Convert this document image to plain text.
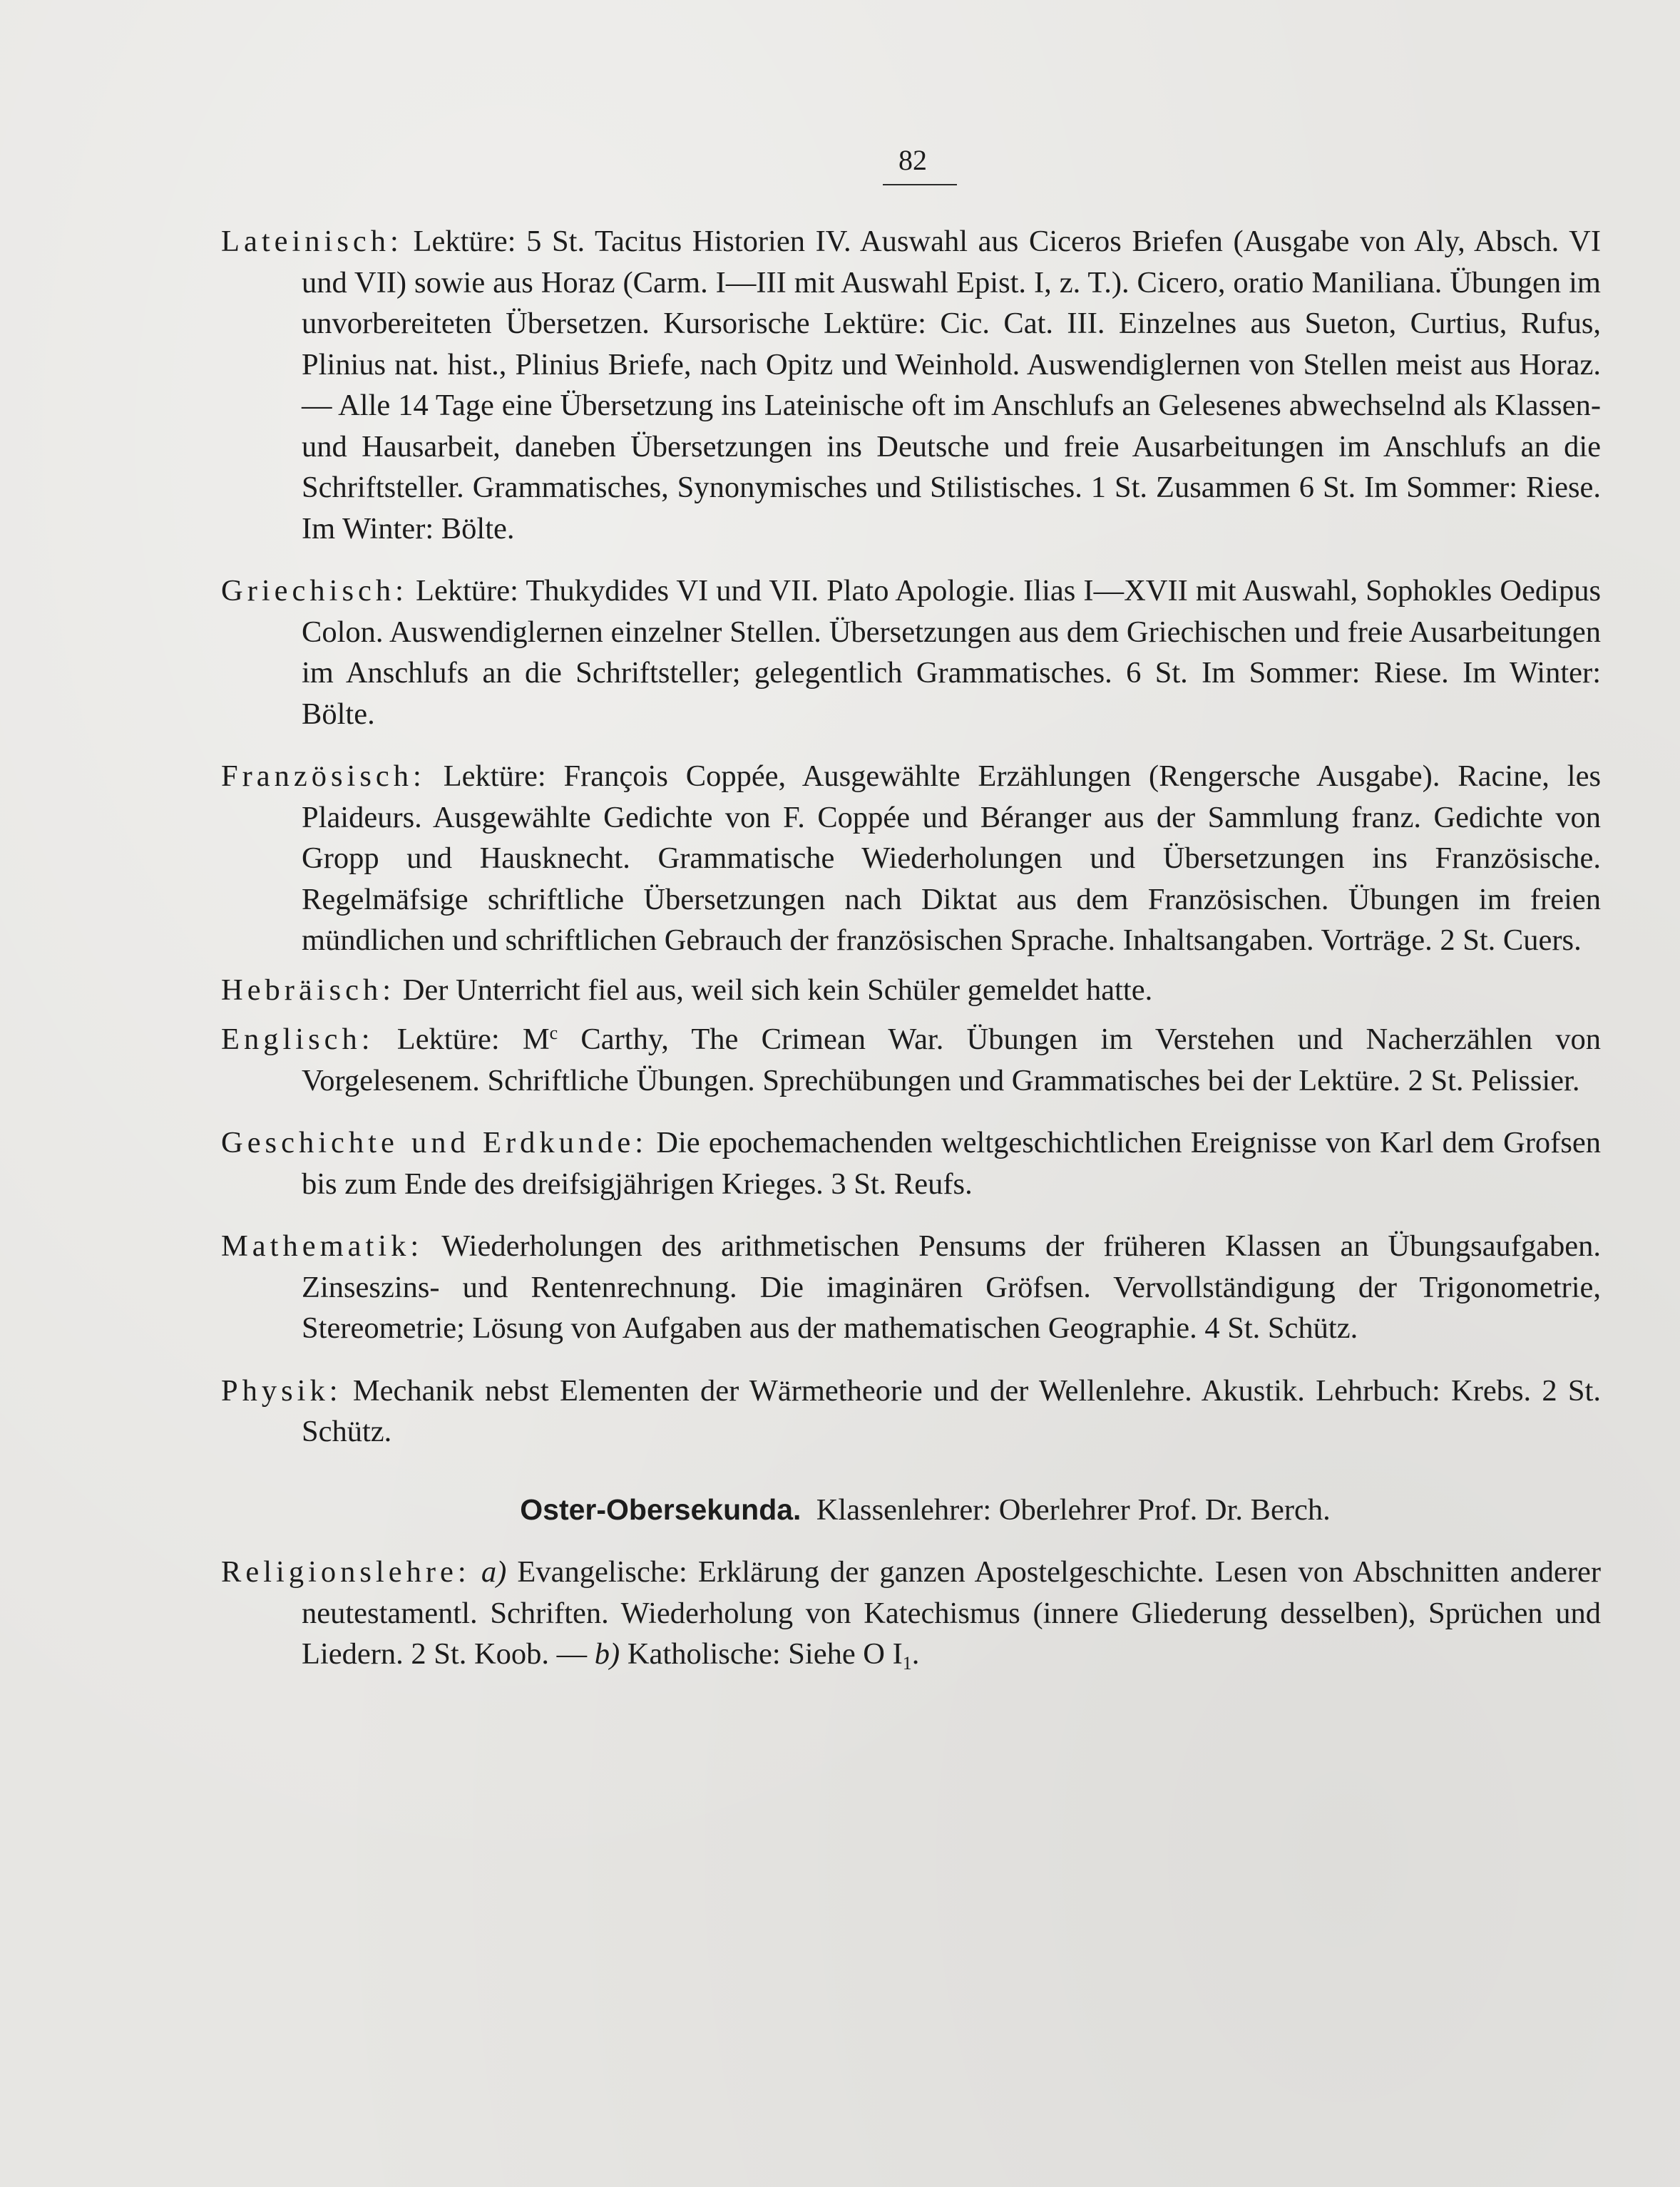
82

Lateinisch: Lektüre: 5 St. Tacitus Historien IV. Auswahl aus Ciceros Briefen (Ausgabe von Aly, Absch. VI und VII) sowie aus Horaz (Carm. I—III mit Auswahl Epist. I, z. T.). Cicero, oratio Maniliana. Übungen im unvorbereiteten Übersetzen. Kursorische Lektüre: Cic. Cat. III. Einzelnes aus Sueton, Curtius, Rufus, Plinius nat. hist., Plinius Briefe, nach Opitz und Weinhold. Auswendiglernen von Stellen meist aus Horaz. — Alle 14 Tage eine Übersetzung ins Lateinische oft im Anschlufs an Gelesenes abwechselnd als Klassen- und Hausarbeit, daneben Übersetzungen ins Deutsche und freie Ausarbeitungen im Anschlufs an die Schriftsteller. Grammatisches, Synonymisches und Stilistisches. 1 St. Zusammen 6 St. Im Sommer: Riese. Im Winter: Bölte.

Griechisch: Lektüre: Thukydides VI und VII. Plato Apologie. Ilias I—XVII mit Auswahl, Sophokles Oedipus Colon. Auswendiglernen einzelner Stellen. Übersetzungen aus dem Griechischen und freie Ausarbeitungen im Anschlufs an die Schriftsteller; gelegentlich Grammatisches. 6 St. Im Sommer: Riese. Im Winter: Bölte.

Französisch: Lektüre: François Coppée, Ausgewählte Erzählungen (Rengersche Ausgabe). Racine, les Plaideurs. Ausgewählte Gedichte von F. Coppée und Béranger aus der Sammlung franz. Gedichte von Gropp und Hausknecht. Grammatische Wiederholungen und Übersetzungen ins Französische. Regelmäfsige schriftliche Übersetzungen nach Diktat aus dem Französischen. Übungen im freien mündlichen und schriftlichen Gebrauch der französischen Sprache. Inhaltsangaben. Vorträge. 2 St. Cuers.

Hebräisch: Der Unterricht fiel aus, weil sich kein Schüler gemeldet hatte.

Englisch: Lektüre: $M^c$ Carthy, The Crimean War. Übungen im Verstehen und Nacherzählen von Vorgelesenem. Schriftliche Übungen. Sprechübungen und Grammatisches bei der Lektüre. 2 St. Pelissier.

Geschichte und Erdkunde: Die epochemachenden weltgeschichtlichen Ereignisse von Karl dem Grofsen bis zum Ende des dreifsigjährigen Krieges. 3 St. Reufs.

Mathematik: Wiederholungen des arithmetischen Pensums der früheren Klassen an Übungsaufgaben. Zinseszins- und Rentenrechnung. Die imaginären Gröfsen. Vervollständigung der Trigonometrie, Stereometrie; Lösung von Aufgaben aus der mathematischen Geographie. 4 St. Schütz.

Physik: Mechanik nebst Elementen der Wärmetheorie und der Wellenlehre. Akustik. Lehrbuch: Krebs. 2 St. Schütz.

Oster-Obersekunda. Klassenlehrer: Oberlehrer Prof. Dr. Berch.

Religionslehre: a) Evangelische: Erklärung der ganzen Apostelgeschichte. Lesen von Abschnitten anderer neutestamentl. Schriften. Wiederholung von Katechismus (innere Gliederung desselben), Sprüchen und Liedern. 2 St. Koob. — b) Katholische: Siehe O $I_1$.
